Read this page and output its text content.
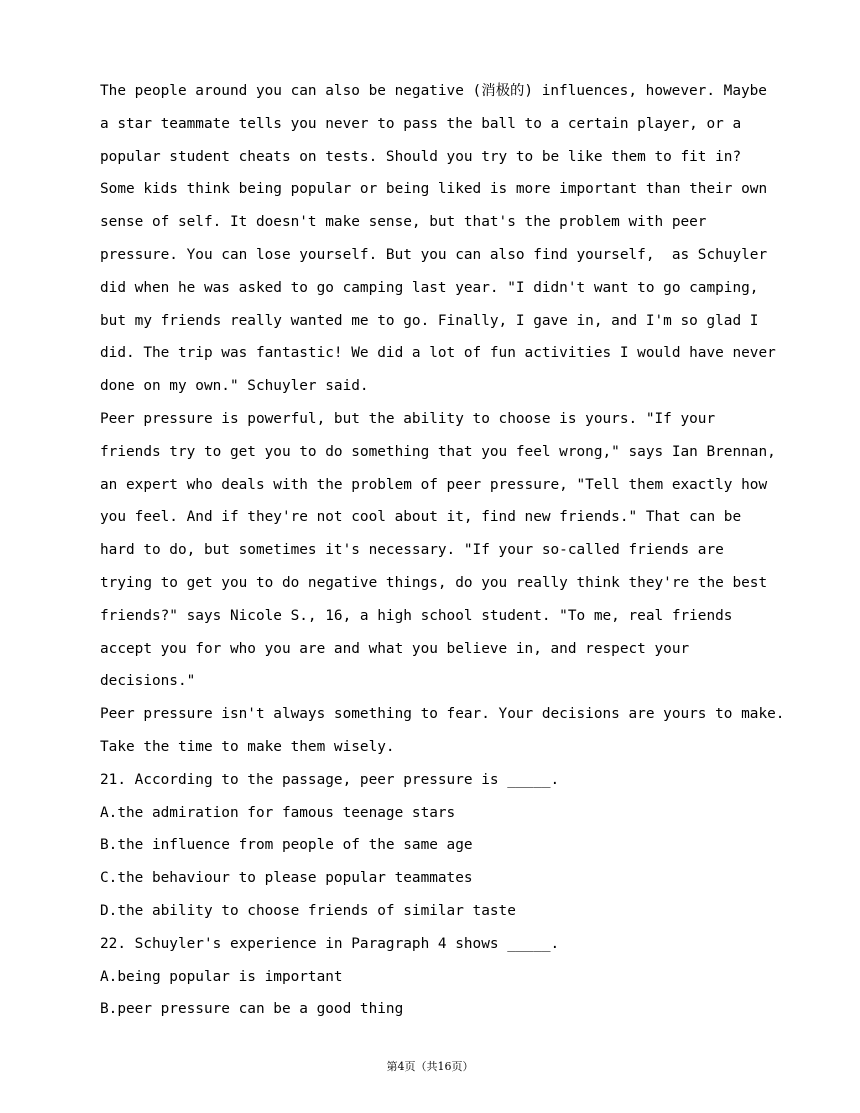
The people around you can also be negative (消极的) influences, however. Maybe

a star teammate tells you never to pass the ball to a certain player, or a

popular student cheats on tests. Should you try to be like them to fit in?

Some kids think being popular or being liked is more important than their own

sense of self. It doesn't make sense, but that's the problem with peer

pressure. You can lose yourself. But you can also find yourself,  as Schuyler

did when he was asked to go camping last year. "I didn't want to go camping,

but my friends really wanted me to go. Finally, I gave in, and I'm so glad I

did. The trip was fantastic! We did a lot of fun activities I would have never

done on my own." Schuyler said.

Peer pressure is powerful, but the ability to choose is yours. "If your

friends try to get you to do something that you feel wrong," says Ian Brennan,

an expert who deals with the problem of peer pressure, "Tell them exactly how

you feel. And if they're not cool about it, find new friends." That can be

hard to do, but sometimes it's necessary. "If your so-called friends are

trying to get you to do negative things, do you really think they're the best

friends?" says Nicole S., 16, a high school student. "To me, real friends

accept you for who you are and what you believe in, and respect your

decisions."

Peer pressure isn't always something to fear. Your decisions are yours to make.

Take the time to make them wisely.

21. According to the passage, peer pressure is _____.

A.the admiration for famous teenage stars

B.the influence from people of the same age

C.the behaviour to please popular teammates

D.the ability to choose friends of similar taste

22. Schuyler's experience in Paragraph 4 shows _____.

A.being popular is important

B.peer pressure can be a good thing

第4页（共16页）
